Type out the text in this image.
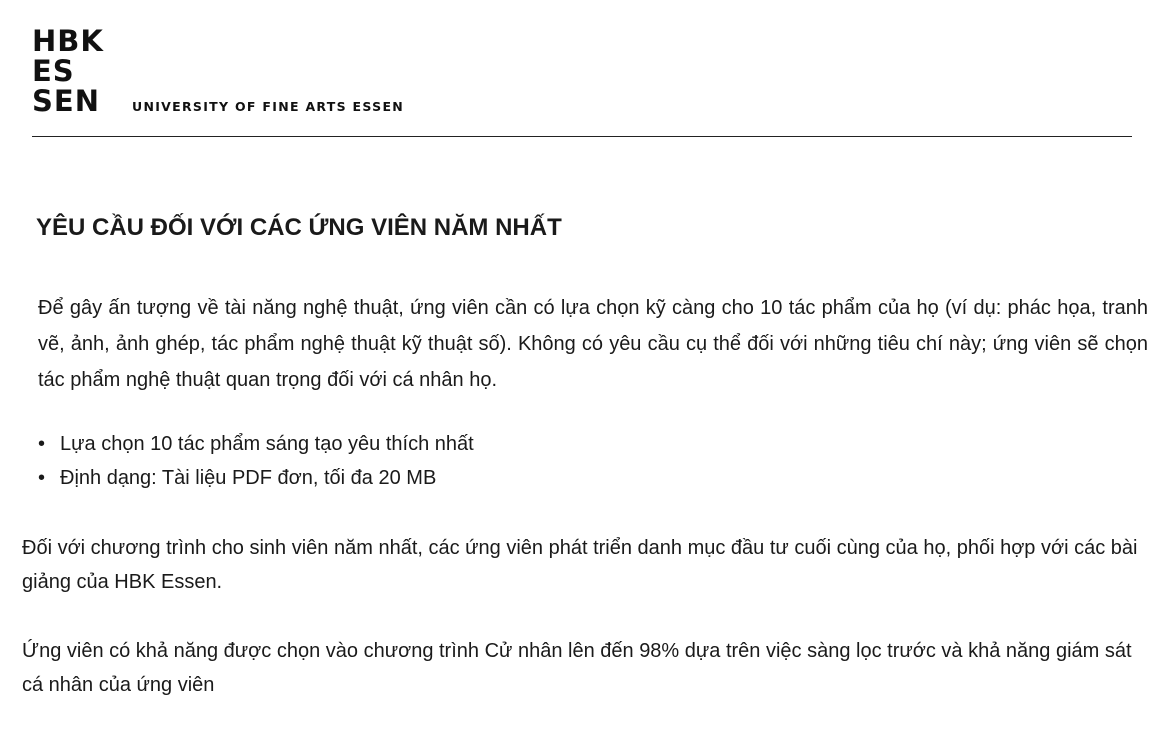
HBK
ES
SEN	UNIVERSITY OF FINE ARTS ESSEN
YÊU CẦU ĐỐI VỚI CÁC ỨNG VIÊN NĂM NHẤT

Để gây ấn tượng về tài năng nghệ thuật, ứng viên cần có lựa chọn kỹ càng cho 10 tác phẩm của họ (ví dụ: phác họa, tranh vẽ, ảnh, ảnh ghép, tác phẩm nghệ thuật kỹ thuật số). Không có yêu cầu cụ thể đối với những tiêu chí này; ứng viên sẽ chọn tác phẩm nghệ thuật quan trọng đối với cá nhân họ.

• Lựa chọn 10 tác phẩm sáng tạo yêu thích nhất
• Định dạng: Tài liệu PDF đơn, tối đa 20 MB

Đối với chương trình cho sinh viên năm nhất, các ứng viên phát triển danh mục đầu tư cuối cùng của họ, phối hợp với các bài giảng của HBK Essen.

Ứng viên có khả năng được chọn vào chương trình Cử nhân lên đến 98% dựa trên việc sàng lọc trước và khả năng giám sát cá nhân của ứng viên
